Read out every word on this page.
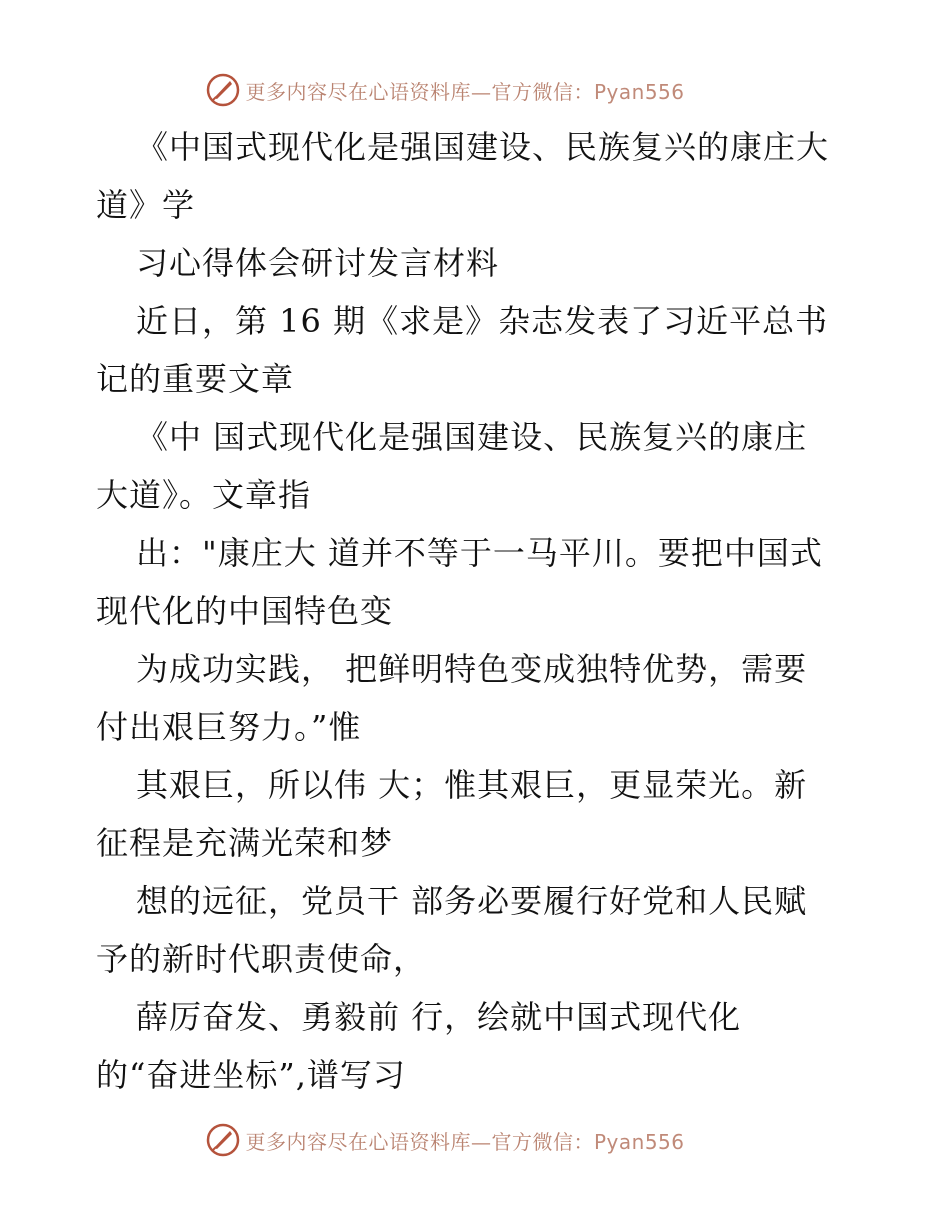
更多内容尽在心语资料库—官方微信：Pyan556
《中国式现代化是强国建设、民族复兴的康庄大
道》学
习心得体会研讨发言材料
近日，第 16 期《求是》杂志发表了习近平总书
记的重要文章
《中 国式现代化是强国建设、民族复兴的康庄
大道》。文章指
出："康庄大 道并不等于一马平川。要把中国式
现代化的中国特色变
为成功实践， 把鲜明特色变成独特优势，需要
付出艰巨努力。”惟
其艰巨，所以伟 大；惟其艰巨，更显荣光。新
征程是充满光荣和梦
想的远征，党员干 部务必要履行好党和人民赋
予的新时代职责使命，
薛厉奋发、勇毅前 行，绘就中国式现代化
的“奋进坐标”,谱写习
更多内容尽在心语资料库—官方微信：Pyan556
